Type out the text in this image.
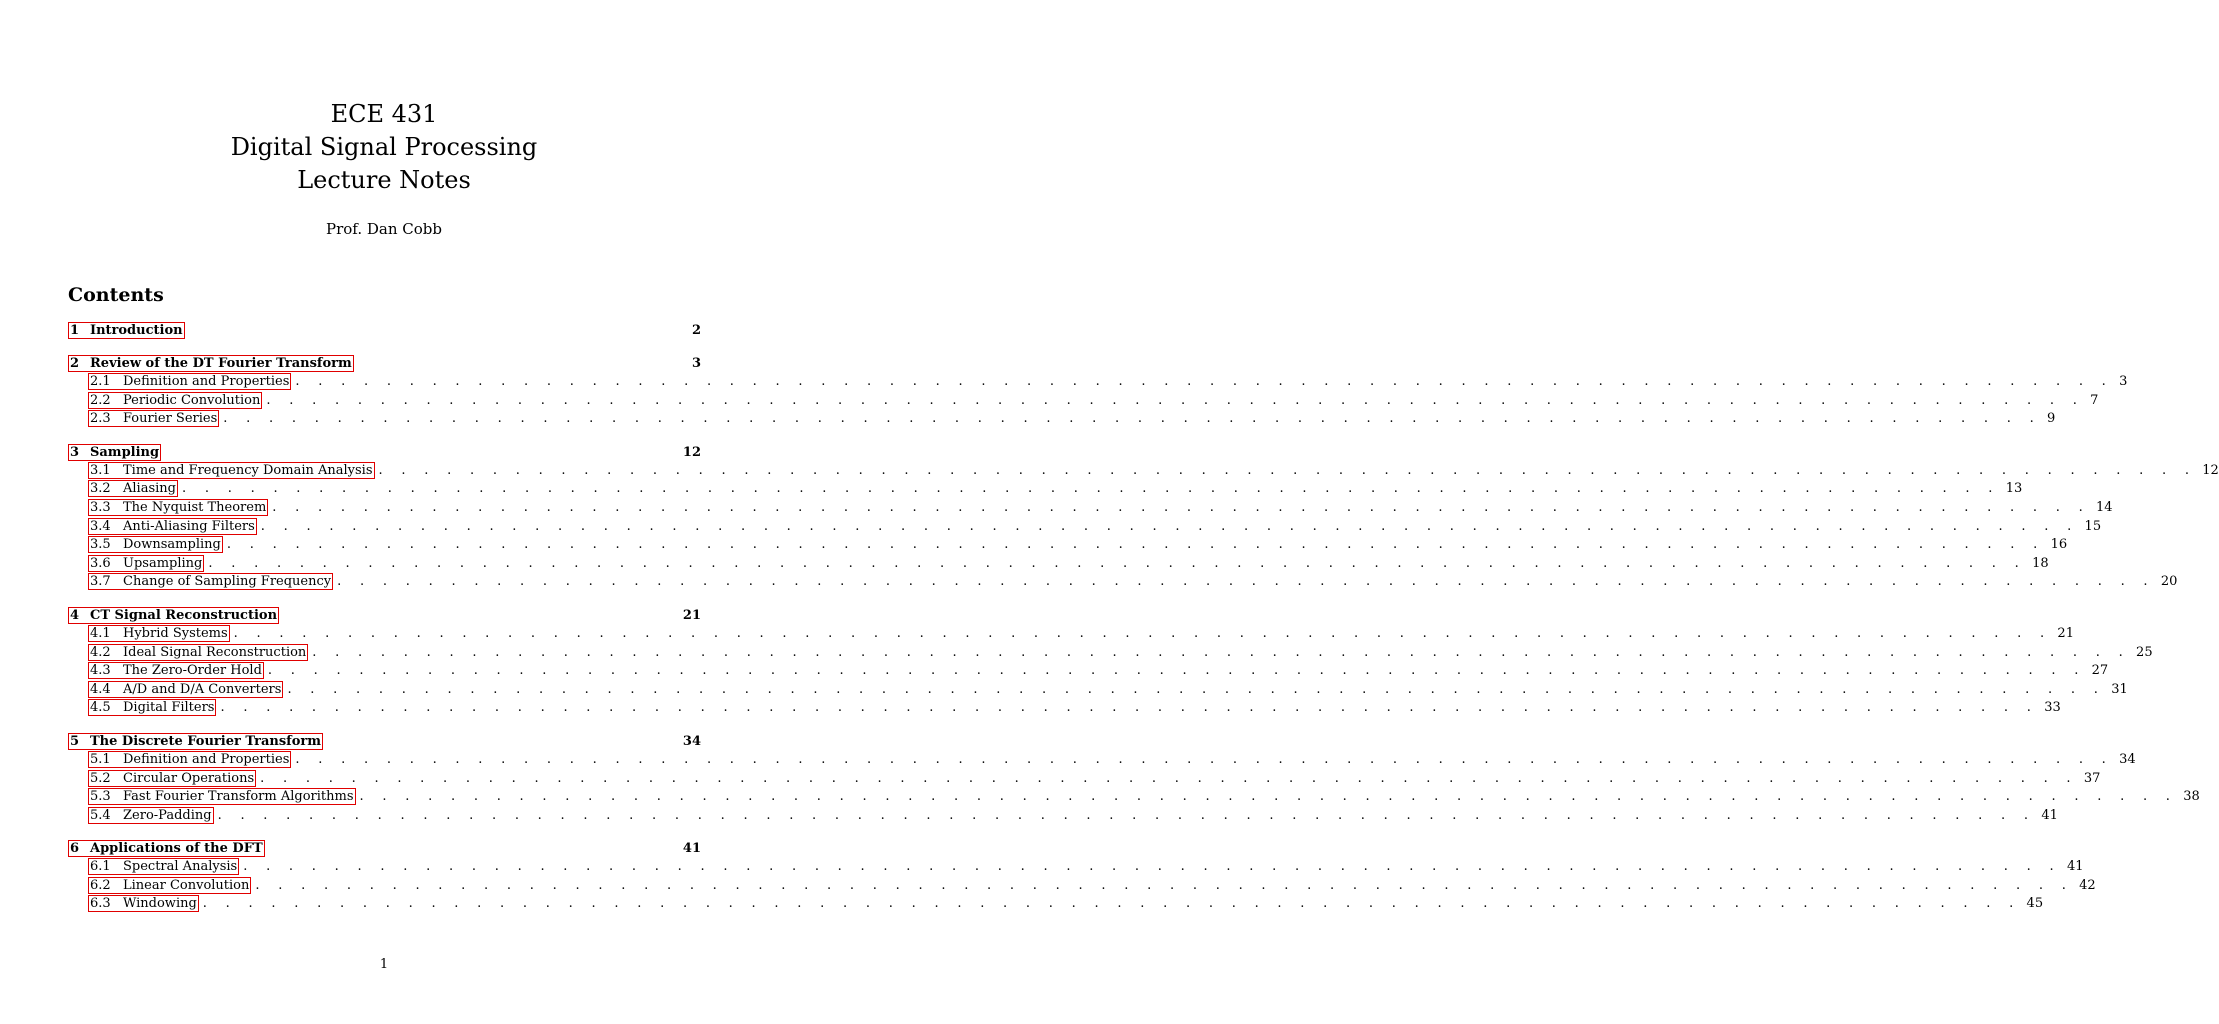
ECE 431
Digital Signal Processing
Lecture Notes
Prof. Dan Cobb
Contents
1 Introduction	2
2 Review of the DT Fourier Transform	3
2.1 Definition and Properties . . . . . . . . . . . . . . . . . . . . . . . . . . . . . . . . . . . . . . . . . . . . . . . . . . . . . . . . . . . . . . . . . . . . . . . . . . . . . . . . 3
2.2 Periodic Convolution . . . . . . . . . . . . . . . . . . . . . . . . . . . . . . . . . . . . . . . . . . . . . . . . . . . . . . . . . . . . . . . . . . . . . . . . . . . . . . . . 7
2.3 Fourier Series . . . . . . . . . . . . . . . . . . . . . . . . . . . . . . . . . . . . . . . . . . . . . . . . . . . . . . . . . . . . . . . . . . . . . . . . . . . . . . . . 9
3 Sampling	12
3.1 Time and Frequency Domain Analysis . . . . . . . . . . . . . . . . . . . . . . . . . . . . . . . . . . . . . . . . . . . . . . . . . . . . . . . . . . . . . . . . . . . . . . . . . . . . . . . . 12
3.2 Aliasing . . . . . . . . . . . . . . . . . . . . . . . . . . . . . . . . . . . . . . . . . . . . . . . . . . . . . . . . . . . . . . . . . . . . . . . . . . . . . . . . 13
3.3 The Nyquist Theorem . . . . . . . . . . . . . . . . . . . . . . . . . . . . . . . . . . . . . . . . . . . . . . . . . . . . . . . . . . . . . . . . . . . . . . . . . . . . . . . . 14
3.4 Anti-Aliasing Filters . . . . . . . . . . . . . . . . . . . . . . . . . . . . . . . . . . . . . . . . . . . . . . . . . . . . . . . . . . . . . . . . . . . . . . . . . . . . . . . . 15
3.5 Downsampling . . . . . . . . . . . . . . . . . . . . . . . . . . . . . . . . . . . . . . . . . . . . . . . . . . . . . . . . . . . . . . . . . . . . . . . . . . . . . . . . 16
3.6 Upsampling . . . . . . . . . . . . . . . . . . . . . . . . . . . . . . . . . . . . . . . . . . . . . . . . . . . . . . . . . . . . . . . . . . . . . . . . . . . . . . . . 18
3.7 Change of Sampling Frequency . . . . . . . . . . . . . . . . . . . . . . . . . . . . . . . . . . . . . . . . . . . . . . . . . . . . . . . . . . . . . . . . . . . . . . . . . . . . . . . . 20
4 CT Signal Reconstruction	21
4.1 Hybrid Systems . . . . . . . . . . . . . . . . . . . . . . . . . . . . . . . . . . . . . . . . . . . . . . . . . . . . . . . . . . . . . . . . . . . . . . . . . . . . . . . . 21
4.2 Ideal Signal Reconstruction . . . . . . . . . . . . . . . . . . . . . . . . . . . . . . . . . . . . . . . . . . . . . . . . . . . . . . . . . . . . . . . . . . . . . . . . . . . . . . . . 25
4.3 The Zero-Order Hold . . . . . . . . . . . . . . . . . . . . . . . . . . . . . . . . . . . . . . . . . . . . . . . . . . . . . . . . . . . . . . . . . . . . . . . . . . . . . . . . 27
4.4 A/D and D/A Converters . . . . . . . . . . . . . . . . . . . . . . . . . . . . . . . . . . . . . . . . . . . . . . . . . . . . . . . . . . . . . . . . . . . . . . . . . . . . . . . . 31
4.5 Digital Filters . . . . . . . . . . . . . . . . . . . . . . . . . . . . . . . . . . . . . . . . . . . . . . . . . . . . . . . . . . . . . . . . . . . . . . . . . . . . . . . . 33
5 The Discrete Fourier Transform	34
5.1 Definition and Properties . . . . . . . . . . . . . . . . . . . . . . . . . . . . . . . . . . . . . . . . . . . . . . . . . . . . . . . . . . . . . . . . . . . . . . . . . . . . . . . . 34
5.2 Circular Operations . . . . . . . . . . . . . . . . . . . . . . . . . . . . . . . . . . . . . . . . . . . . . . . . . . . . . . . . . . . . . . . . . . . . . . . . . . . . . . . . 37
5.3 Fast Fourier Transform Algorithms . . . . . . . . . . . . . . . . . . . . . . . . . . . . . . . . . . . . . . . . . . . . . . . . . . . . . . . . . . . . . . . . . . . . . . . . . . . . . . . . 38
5.4 Zero-Padding . . . . . . . . . . . . . . . . . . . . . . . . . . . . . . . . . . . . . . . . . . . . . . . . . . . . . . . . . . . . . . . . . . . . . . . . . . . . . . . . 41
6 Applications of the DFT	41
6.1 Spectral Analysis . . . . . . . . . . . . . . . . . . . . . . . . . . . . . . . . . . . . . . . . . . . . . . . . . . . . . . . . . . . . . . . . . . . . . . . . . . . . . . . . 41
6.2 Linear Convolution . . . . . . . . . . . . . . . . . . . . . . . . . . . . . . . . . . . . . . . . . . . . . . . . . . . . . . . . . . . . . . . . . . . . . . . . . . . . . . . . 42
6.3 Windowing . . . . . . . . . . . . . . . . . . . . . . . . . . . . . . . . . . . . . . . . . . . . . . . . . . . . . . . . . . . . . . . . . . . . . . . . . . . . . . . . 45
1
